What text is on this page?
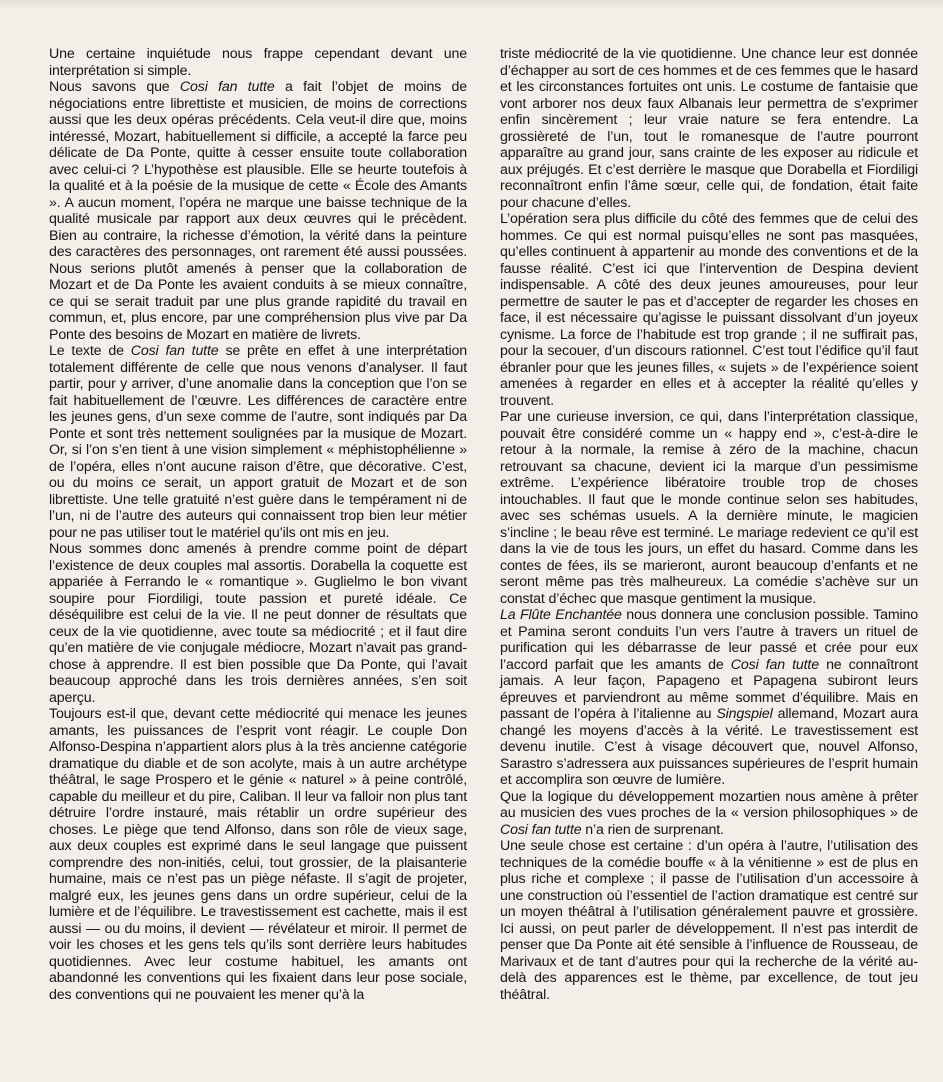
Une certaine inquiétude nous frappe cependant devant une interprétation si simple.

Nous savons que Cosi fan tutte a fait l’objet de moins de négociations entre librettiste et musicien, de moins de corrections aussi que les deux opéras précédents. Cela veut-il dire que, moins intéressé, Mozart, habituellement si difficile, a accepté la farce peu délicate de Da Ponte, quitte à cesser ensuite toute collaboration avec celui-ci ? L’hypothèse est plausible. Elle se heurte toutefois à la qualité et à la poésie de la musique de cette « École des Amants ». A aucun moment, l’opéra ne marque une baisse technique de la qualité musicale par rapport aux deux œuvres qui le précèdent. Bien au contraire, la richesse d’émotion, la vérité dans la peinture des caractères des personnages, ont rarement été aussi poussées. Nous serions plutôt amenés à penser que la collaboration de Mozart et de Da Ponte les avaient conduits à se mieux connaître, ce qui se serait traduit par une plus grande rapidité du travail en commun, et, plus encore, par une compréhension plus vive par Da Ponte des besoins de Mozart en matière de livrets.

Le texte de Cosi fan tutte se prête en effet à une interprétation totalement différente de celle que nous venons d’analyser. Il faut partir, pour y arriver, d’une anomalie dans la conception que l’on se fait habituellement de l’œuvre. Les différences de caractère entre les jeunes gens, d’un sexe comme de l’autre, sont indiqués par Da Ponte et sont très nettement soulignées par la musique de Mozart. Or, si l’on s’en tient à une vision simplement « méphistophélienne » de l’opéra, elles n’ont aucune raison d’être, que décorative. C’est, ou du moins ce serait, un apport gratuit de Mozart et de son librettiste. Une telle gratuité n’est guère dans le tempérament ni de l’un, ni de l’autre des auteurs qui connaissent trop bien leur métier pour ne pas utiliser tout le matériel qu’ils ont mis en jeu.

Nous sommes donc amenés à prendre comme point de départ l’existence de deux couples mal assortis. Dorabella la coquette est appariée à Ferrando le « romantique ». Guglielmo le bon vivant soupire pour Fiordiligi, toute passion et pureté idéale. Ce déséquilibre est celui de la vie. Il ne peut donner de résultats que ceux de la vie quotidienne, avec toute sa médiocrité ; et il faut dire qu’en matière de vie conjugale médiocre, Mozart n’avait pas grand-chose à apprendre. Il est bien possible que Da Ponte, qui l’avait beaucoup approché dans les trois dernières années, s’en soit aperçu.

Toujours est-il que, devant cette médiocrité qui menace les jeunes amants, les puissances de l’esprit vont réagir. Le couple Don Alfonso-Despina n’appartient alors plus à la très ancienne catégorie dramatique du diable et de son acolyte, mais à un autre archétype théâtral, le sage Prospero et le génie « naturel » à peine contrôlé, capable du meilleur et du pire, Caliban. Il leur va falloir non plus tant détruire l’ordre instauré, mais rétablir un ordre supérieur des choses. Le piège que tend Alfonso, dans son rôle de vieux sage, aux deux couples est exprimé dans le seul langage que puissent comprendre des non-initiés, celui, tout grossier, de la plaisanterie humaine, mais ce n’est pas un piège néfaste. Il s’agit de projeter, malgré eux, les jeunes gens dans un ordre supérieur, celui de la lumière et de l’équilibre. Le travestissement est cachette, mais il est aussi — ou du moins, il devient — révélateur et miroir. Il permet de voir les choses et les gens tels qu’ils sont derrière leurs habitudes quotidiennes. Avec leur costume habituel, les amants ont abandonné les conventions qui les fixaient dans leur pose sociale, des conventions qui ne pouvaient les mener qu’à la

triste médiocrité de la vie quotidienne. Une chance leur est donnée d’échapper au sort de ces hommes et de ces femmes que le hasard et les circonstances fortuites ont unis. Le costume de fantaisie que vont arborer nos deux faux Albanais leur permettra de s’exprimer enfin sincèrement ; leur vraie nature se fera entendre. La grossièreté de l’un, tout le romanesque de l’autre pourront apparaître au grand jour, sans crainte de les exposer au ridicule et aux préjugés. Et c’est derrière le masque que Dorabella et Fiordiligi reconnaîtront enfin l’âme sœur, celle qui, de fondation, était faite pour chacune d’elles.

L’opération sera plus difficile du côté des femmes que de celui des hommes. Ce qui est normal puisqu’elles ne sont pas masquées, qu’elles continuent à appartenir au monde des conventions et de la fausse réalité. C’est ici que l’intervention de Despina devient indispensable. A côté des deux jeunes amoureuses, pour leur permettre de sauter le pas et d’accepter de regarder les choses en face, il est nécessaire qu’agisse le puissant dissolvant d’un joyeux cynisme. La force de l’habitude est trop grande ; il ne suffirait pas, pour la secouer, d’un discours rationnel. C’est tout l’édifice qu’il faut ébranler pour que les jeunes filles, « sujets » de l’expérience soient amenées à regarder en elles et à accepter la réalité qu’elles y trouvent.

Par une curieuse inversion, ce qui, dans l’interprétation classique, pouvait être considéré comme un « happy end », c’est-à-dire le retour à la normale, la remise à zéro de la machine, chacun retrouvant sa chacune, devient ici la marque d’un pessimisme extrême. L’expérience libératoire trouble trop de choses intouchables. Il faut que le monde continue selon ses habitudes, avec ses schémas usuels. A la dernière minute, le magicien s’incline ; le beau rêve est terminé. Le mariage redevient ce qu’il est dans la vie de tous les jours, un effet du hasard. Comme dans les contes de fées, ils se marieront, auront beaucoup d’enfants et ne seront même pas très malheureux. La comédie s’achève sur un constat d’échec que masque gentiment la musique.

La Flûte Enchantée nous donnera une conclusion possible. Tamino et Pamina seront conduits l’un vers l’autre à travers un rituel de purification qui les débarrasse de leur passé et crée pour eux l’accord parfait que les amants de Cosi fan tutte ne connaîtront jamais. A leur façon, Papageno et Papagena subiront leurs épreuves et parviendront au même sommet d’équilibre. Mais en passant de l’opéra à l’italienne au Singspiel allemand, Mozart aura changé les moyens d’accès à la vérité. Le travestissement est devenu inutile. C’est à visage découvert que, nouvel Alfonso, Sarastro s’adressera aux puissances supérieures de l’esprit humain et accomplira son œuvre de lumière.

Que la logique du développement mozartien nous amène à prêter au musicien des vues proches de la « version philosophiques » de Cosi fan tutte n’a rien de surprenant.

Une seule chose est certaine : d’un opéra à l’autre, l’utilisation des techniques de la comédie bouffe « à la vénitienne » est de plus en plus riche et complexe ; il passe de l’utilisation d’un accessoire à une construction où l’essentiel de l’action dramatique est centré sur un moyen théâtral à l’utilisation généralement pauvre et grossière. Ici aussi, on peut parler de développement. Il n’est pas interdit de penser que Da Ponte ait été sensible à l’influence de Rousseau, de Marivaux et de tant d’autres pour qui la recherche de la vérité au-delà des apparences est le thème, par excellence, de tout jeu théâtral.
